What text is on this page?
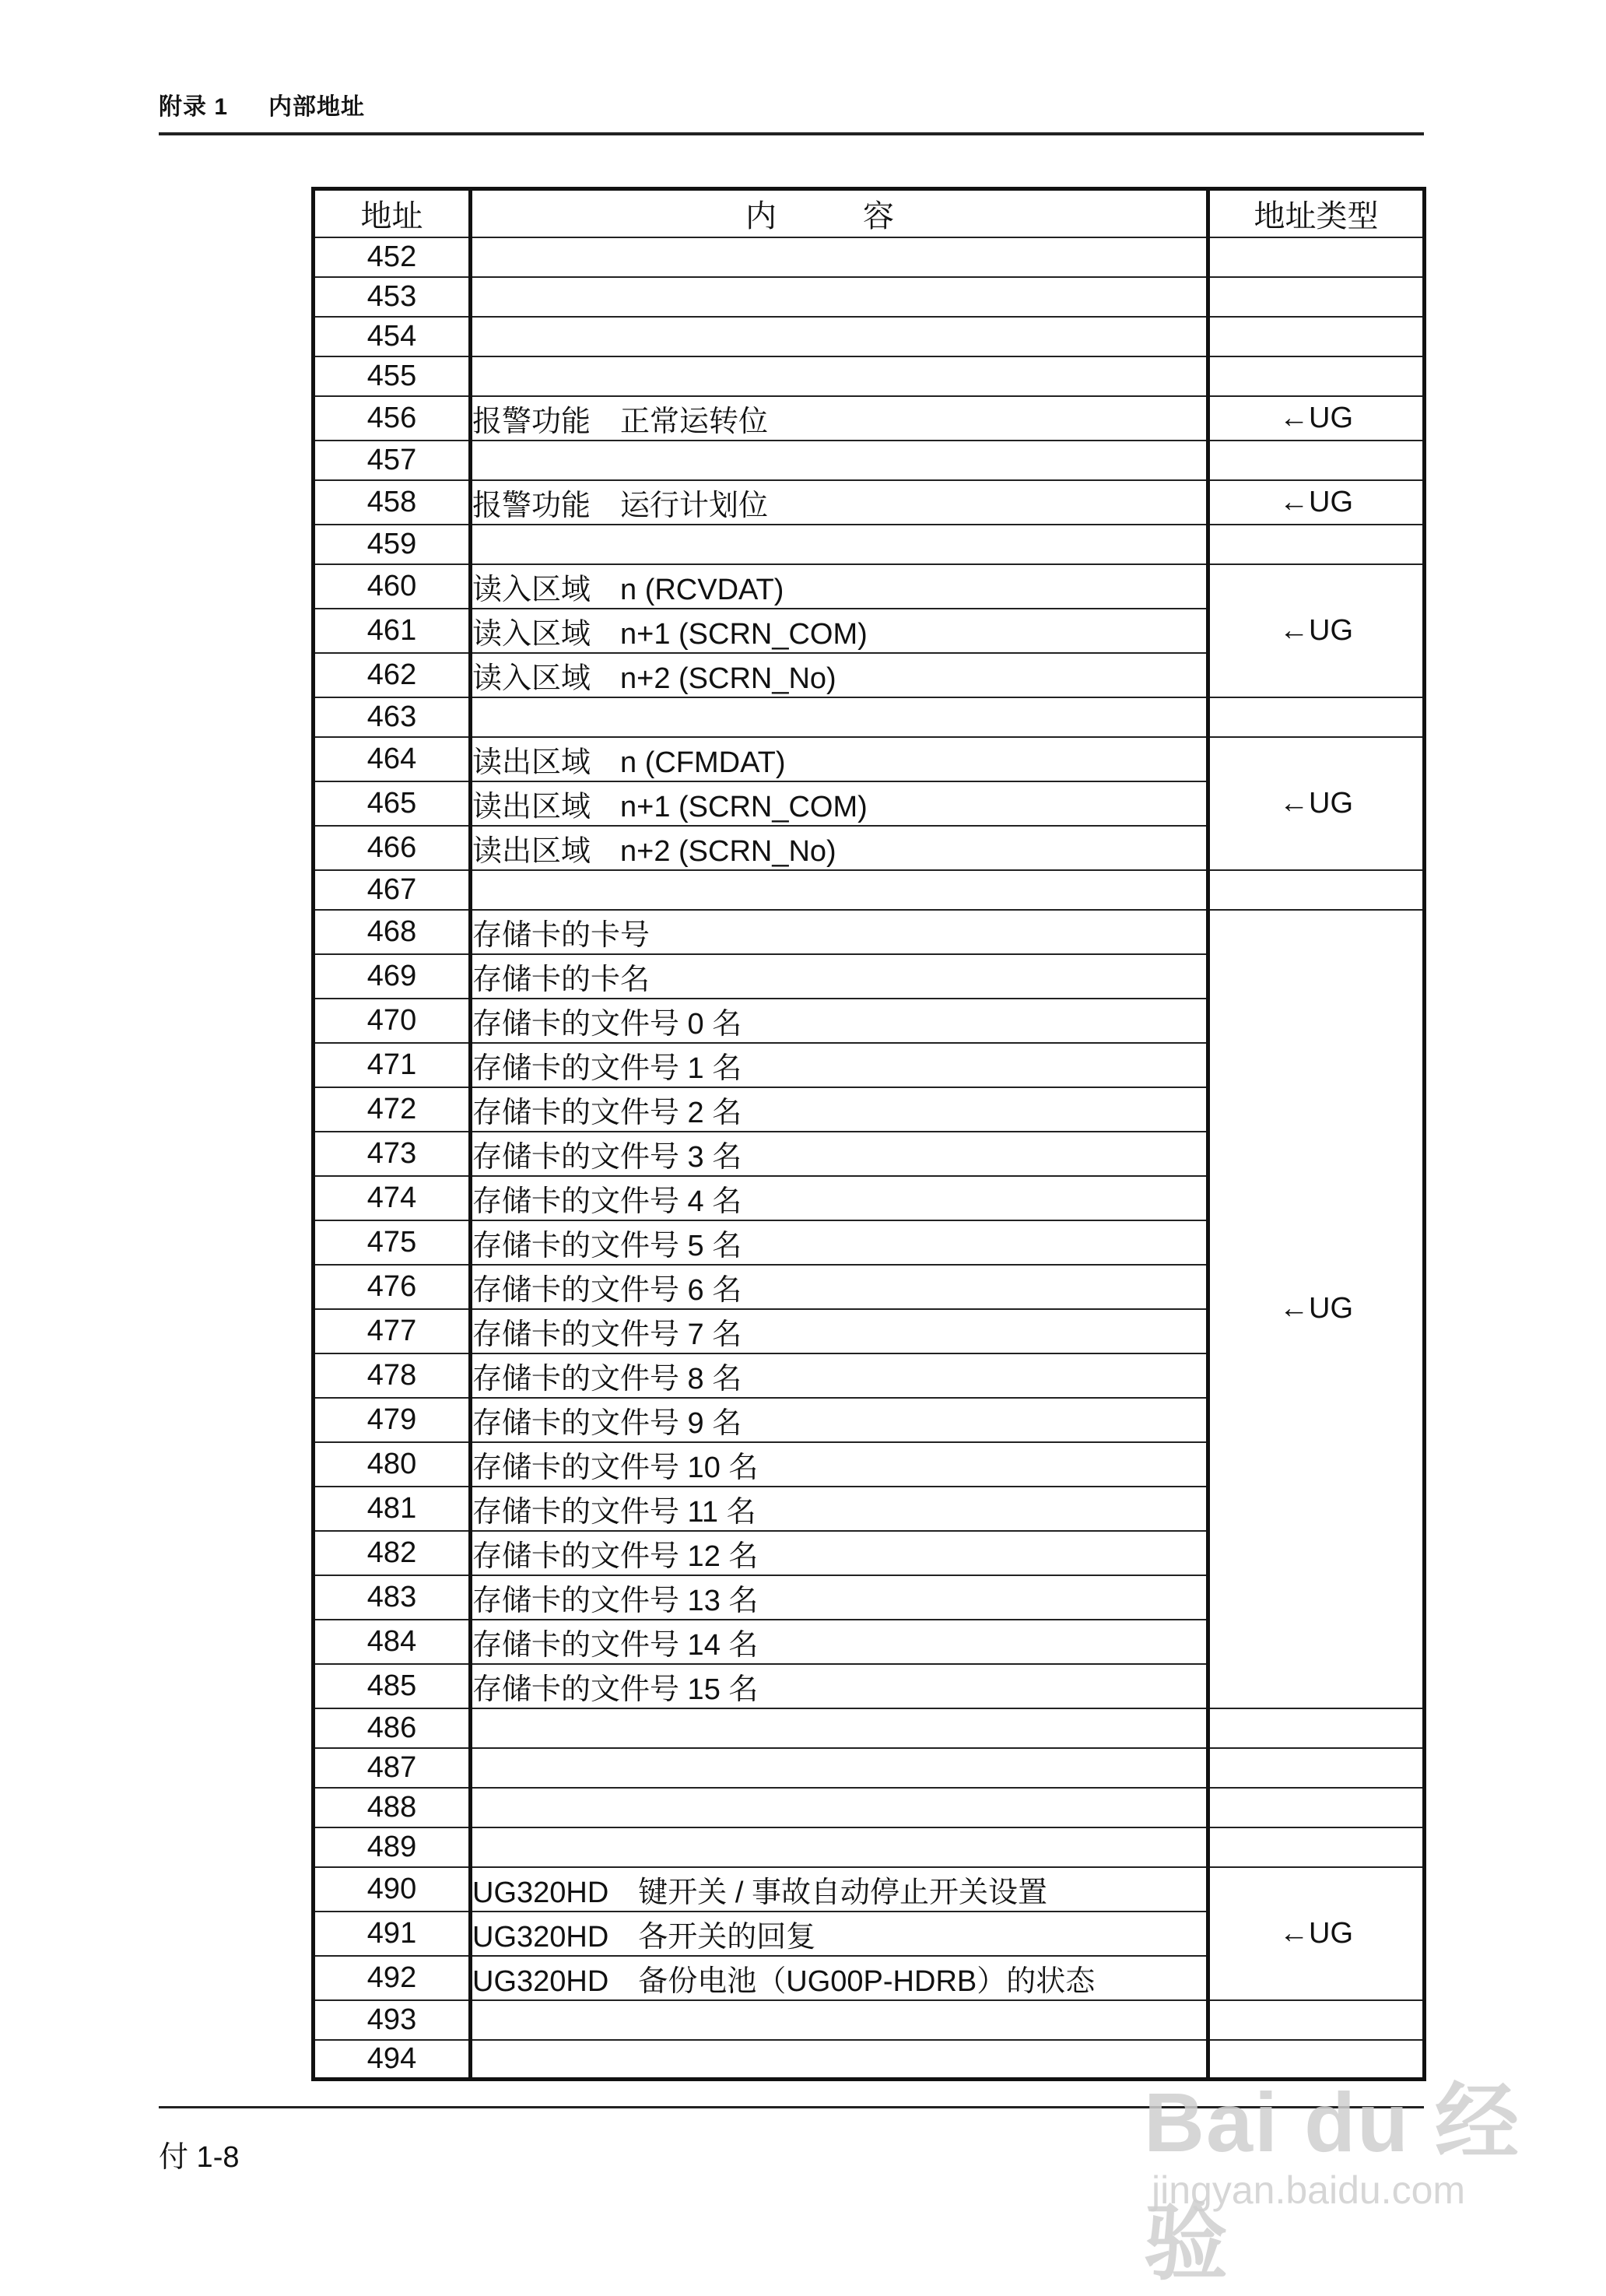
附录 1 内部地址
地址	内 容	地址类型
452		
453		
454		
455		
456	报警功能　正常运转位	←UG
457		
458	报警功能　运行计划位	←UG
459		
460	读入区域　n (RCVDAT)	←UG
461	读入区域　n+1 (SCRN_COM)	
462	读入区域　n+2 (SCRN_No)	
463		
464	读出区域　n (CFMDAT)	←UG
465	读出区域　n+1 (SCRN_COM)	
466	读出区域　n+2 (SCRN_No)	
467		
468	存储卡的卡号	←UG
469	存储卡的卡名	
470	存储卡的文件号 0 名	
471	存储卡的文件号 1 名	
472	存储卡的文件号 2 名	
473	存储卡的文件号 3 名	
474	存储卡的文件号 4 名	
475	存储卡的文件号 5 名	
476	存储卡的文件号 6 名	
477	存储卡的文件号 7 名	
478	存储卡的文件号 8 名	
479	存储卡的文件号 9 名	
480	存储卡的文件号 10 名	
481	存储卡的文件号 11 名	
482	存储卡的文件号 12 名	
483	存储卡的文件号 13 名	
484	存储卡的文件号 14 名	
485	存储卡的文件号 15 名	
486		
487		
488		
489		
490	UG320HD　键开关 / 事故自动停止开关设置	←UG
491	UG320HD　各开关的回复	
492	UG320HD　备份电池（UG00P-HDRB）的状态	
493		
494		
付 1-8	Bai du 经验
jingyan.baidu.com
